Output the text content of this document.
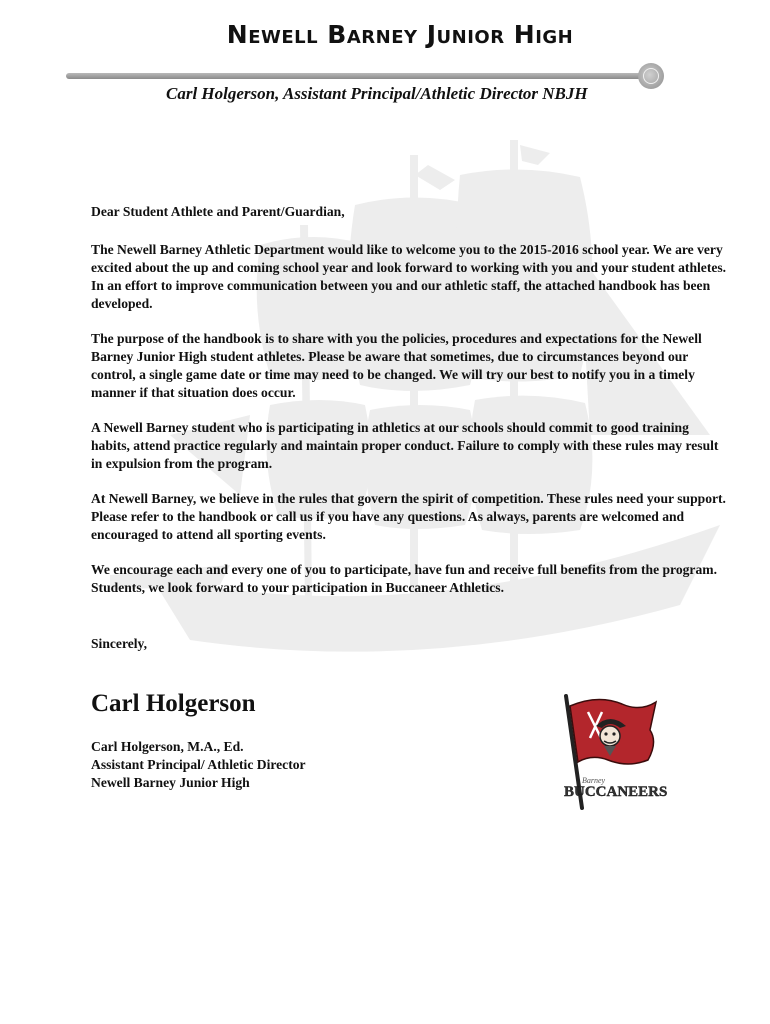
Newell Barney Junior High
Carl Holgerson, Assistant Principal/Athletic Director NBJH

Dear Student Athlete and Parent/Guardian,

The Newell Barney Athletic Department would like to welcome you to the 2015-2016 school year. We are very excited about the up and coming school year and look forward to working with you and your student athletes. In an effort to improve communication between you and our athletic staff, the attached handbook has been developed.

The purpose of the handbook is to share with you the policies, procedures and expectations for the Newell Barney Junior High student athletes. Please be aware that sometimes, due to circumstances beyond our control, a single game date or time may need to be changed. We will try our best to notify you in a timely manner if that situation does occur.

A Newell Barney student who is participating in athletics at our schools should commit to good training habits, attend practice regularly and maintain proper conduct. Failure to comply with these rules may result in expulsion from the program.

At Newell Barney, we believe in the rules that govern the spirit of competition. These rules need your support. Please refer to the handbook or call us if you have any questions. As always, parents are welcomed and encouraged to attend all sporting events.

We encourage each and every one of you to participate, have fun and receive full benefits from the program. Students, we look forward to your participation in Buccaneer Athletics.

Sincerely,
Carl Holgerson
Carl Holgerson, M.A., Ed.
Assistant Principal/ Athletic Director
Newell Barney Junior High	Barney
BUCCANEERS
